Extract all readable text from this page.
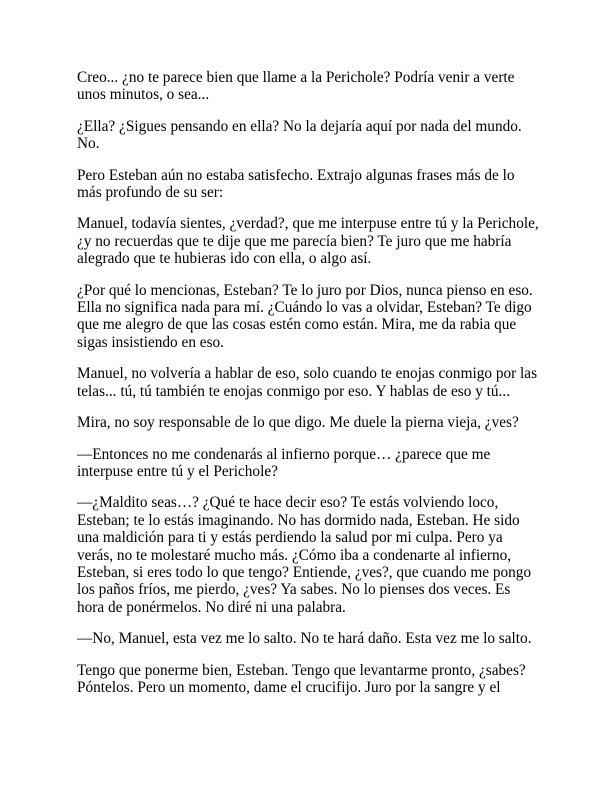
Creo... ¿no te parece bien que llame a la Perichole? Podría venir a verte unos minutos, o sea...

¿Ella? ¿Sigues pensando en ella? No la dejaría aquí por nada del mundo. No.

Pero Esteban aún no estaba satisfecho. Extrajo algunas frases más de lo más profundo de su ser:

Manuel, todavía sientes, ¿verdad?, que me interpuse entre tú y la Perichole, ¿y no recuerdas que te dije que me parecía bien? Te juro que me habría alegrado que te hubieras ido con ella, o algo así.

¿Por qué lo mencionas, Esteban? Te lo juro por Dios, nunca pienso en eso. Ella no significa nada para mí. ¿Cuándo lo vas a olvidar, Esteban? Te digo que me alegro de que las cosas estén como están. Mira, me da rabia que sigas insistiendo en eso.

Manuel, no volvería a hablar de eso, solo cuando te enojas conmigo por las telas... tú, tú también te enojas conmigo por eso. Y hablas de eso y tú...

Mira, no soy responsable de lo que digo. Me duele la pierna vieja, ¿ves?

—Entonces no me condenarás al infierno porque… ¿parece que me interpuse entre tú y el Perichole?

—¿Maldito seas…? ¿Qué te hace decir eso? Te estás volviendo loco, Esteban; te lo estás imaginando. No has dormido nada, Esteban. He sido una maldición para ti y estás perdiendo la salud por mi culpa. Pero ya verás, no te molestaré mucho más. ¿Cómo iba a condenarte al infierno, Esteban, si eres todo lo que tengo? Entiende, ¿ves?, que cuando me pongo los paños fríos, me pierdo, ¿ves? Ya sabes. No lo pienses dos veces. Es hora de ponérmelos. No diré ni una palabra.

—No, Manuel, esta vez me lo salto. No te hará daño. Esta vez me lo salto.

Tengo que ponerme bien, Esteban. Tengo que levantarme pronto, ¿sabes? Póntelos. Pero un momento, dame el crucifijo. Juro por la sangre y el
